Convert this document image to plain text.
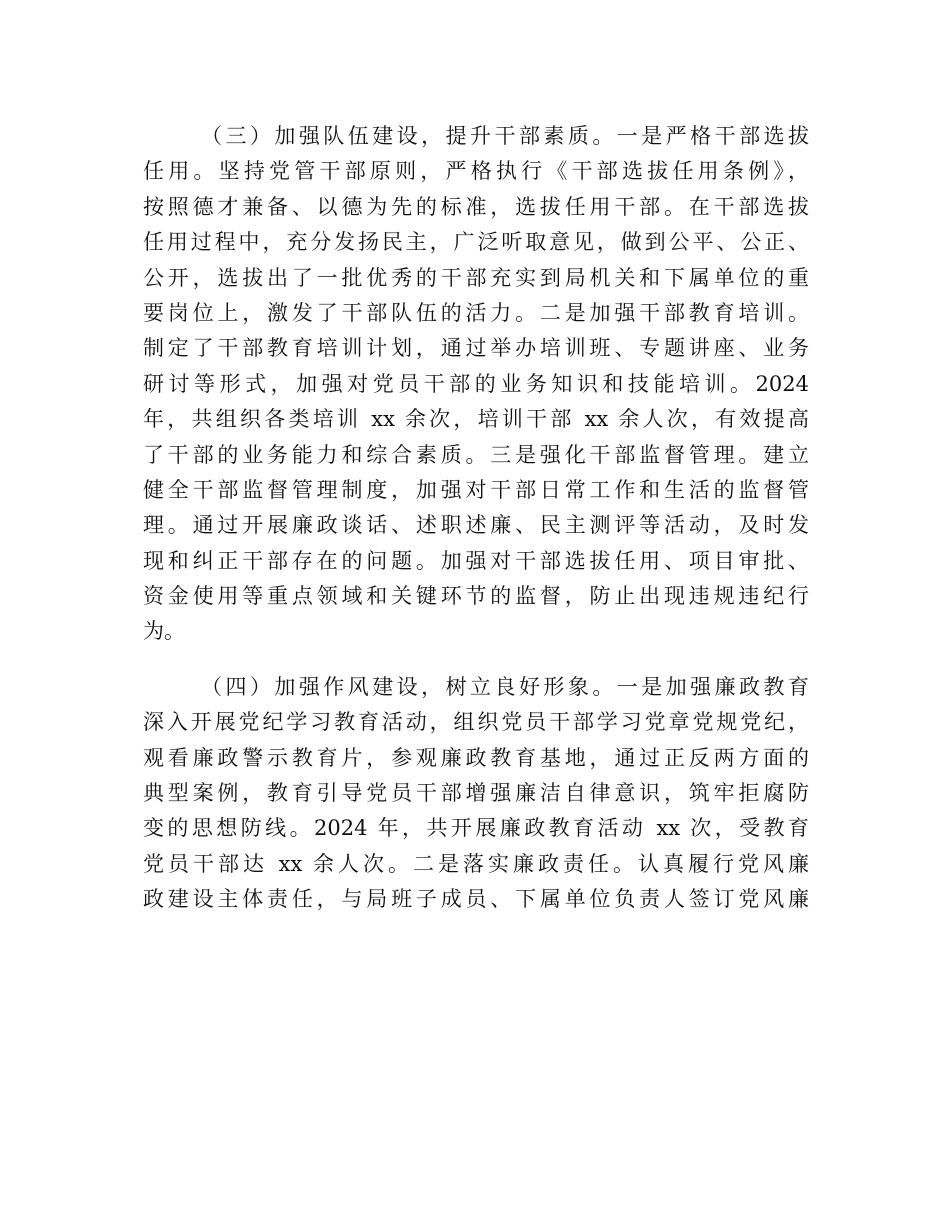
（三）加强队伍建设，提升干部素质。一是严格干部选拔
任用。坚持党管干部原则，严格执行《干部选拔任用条例》，
按照德才兼备、以德为先的标准，选拔任用干部。在干部选拔
任用过程中，充分发扬民主，广泛听取意见，做到公平、公正、
公开，选拔出了一批优秀的干部充实到局机关和下属单位的重
要岗位上，激发了干部队伍的活力。二是加强干部教育培训。
制定了干部教育培训计划，通过举办培训班、专题讲座、业务
研讨等形式，加强对党员干部的业务知识和技能培训。2024
年，共组织各类培训 xx 余次，培训干部 xx 余人次，有效提高
了干部的业务能力和综合素质。三是强化干部监督管理。建立
健全干部监督管理制度，加强对干部日常工作和生活的监督管
理。通过开展廉政谈话、述职述廉、民主测评等活动，及时发
现和纠正干部存在的问题。加强对干部选拔任用、项目审批、
资金使用等重点领域和关键环节的监督，防止出现违规违纪行
为。
（四）加强作风建设，树立良好形象。一是加强廉政教育
深入开展党纪学习教育活动，组织党员干部学习党章党规党纪，
观看廉政警示教育片，参观廉政教育基地，通过正反两方面的
典型案例，教育引导党员干部增强廉洁自律意识，筑牢拒腐防
变的思想防线。2024 年，共开展廉政教育活动 xx 次，受教育
党员干部达 xx 余人次。二是落实廉政责任。认真履行党风廉
政建设主体责任，与局班子成员、下属单位负责人签订党风廉
